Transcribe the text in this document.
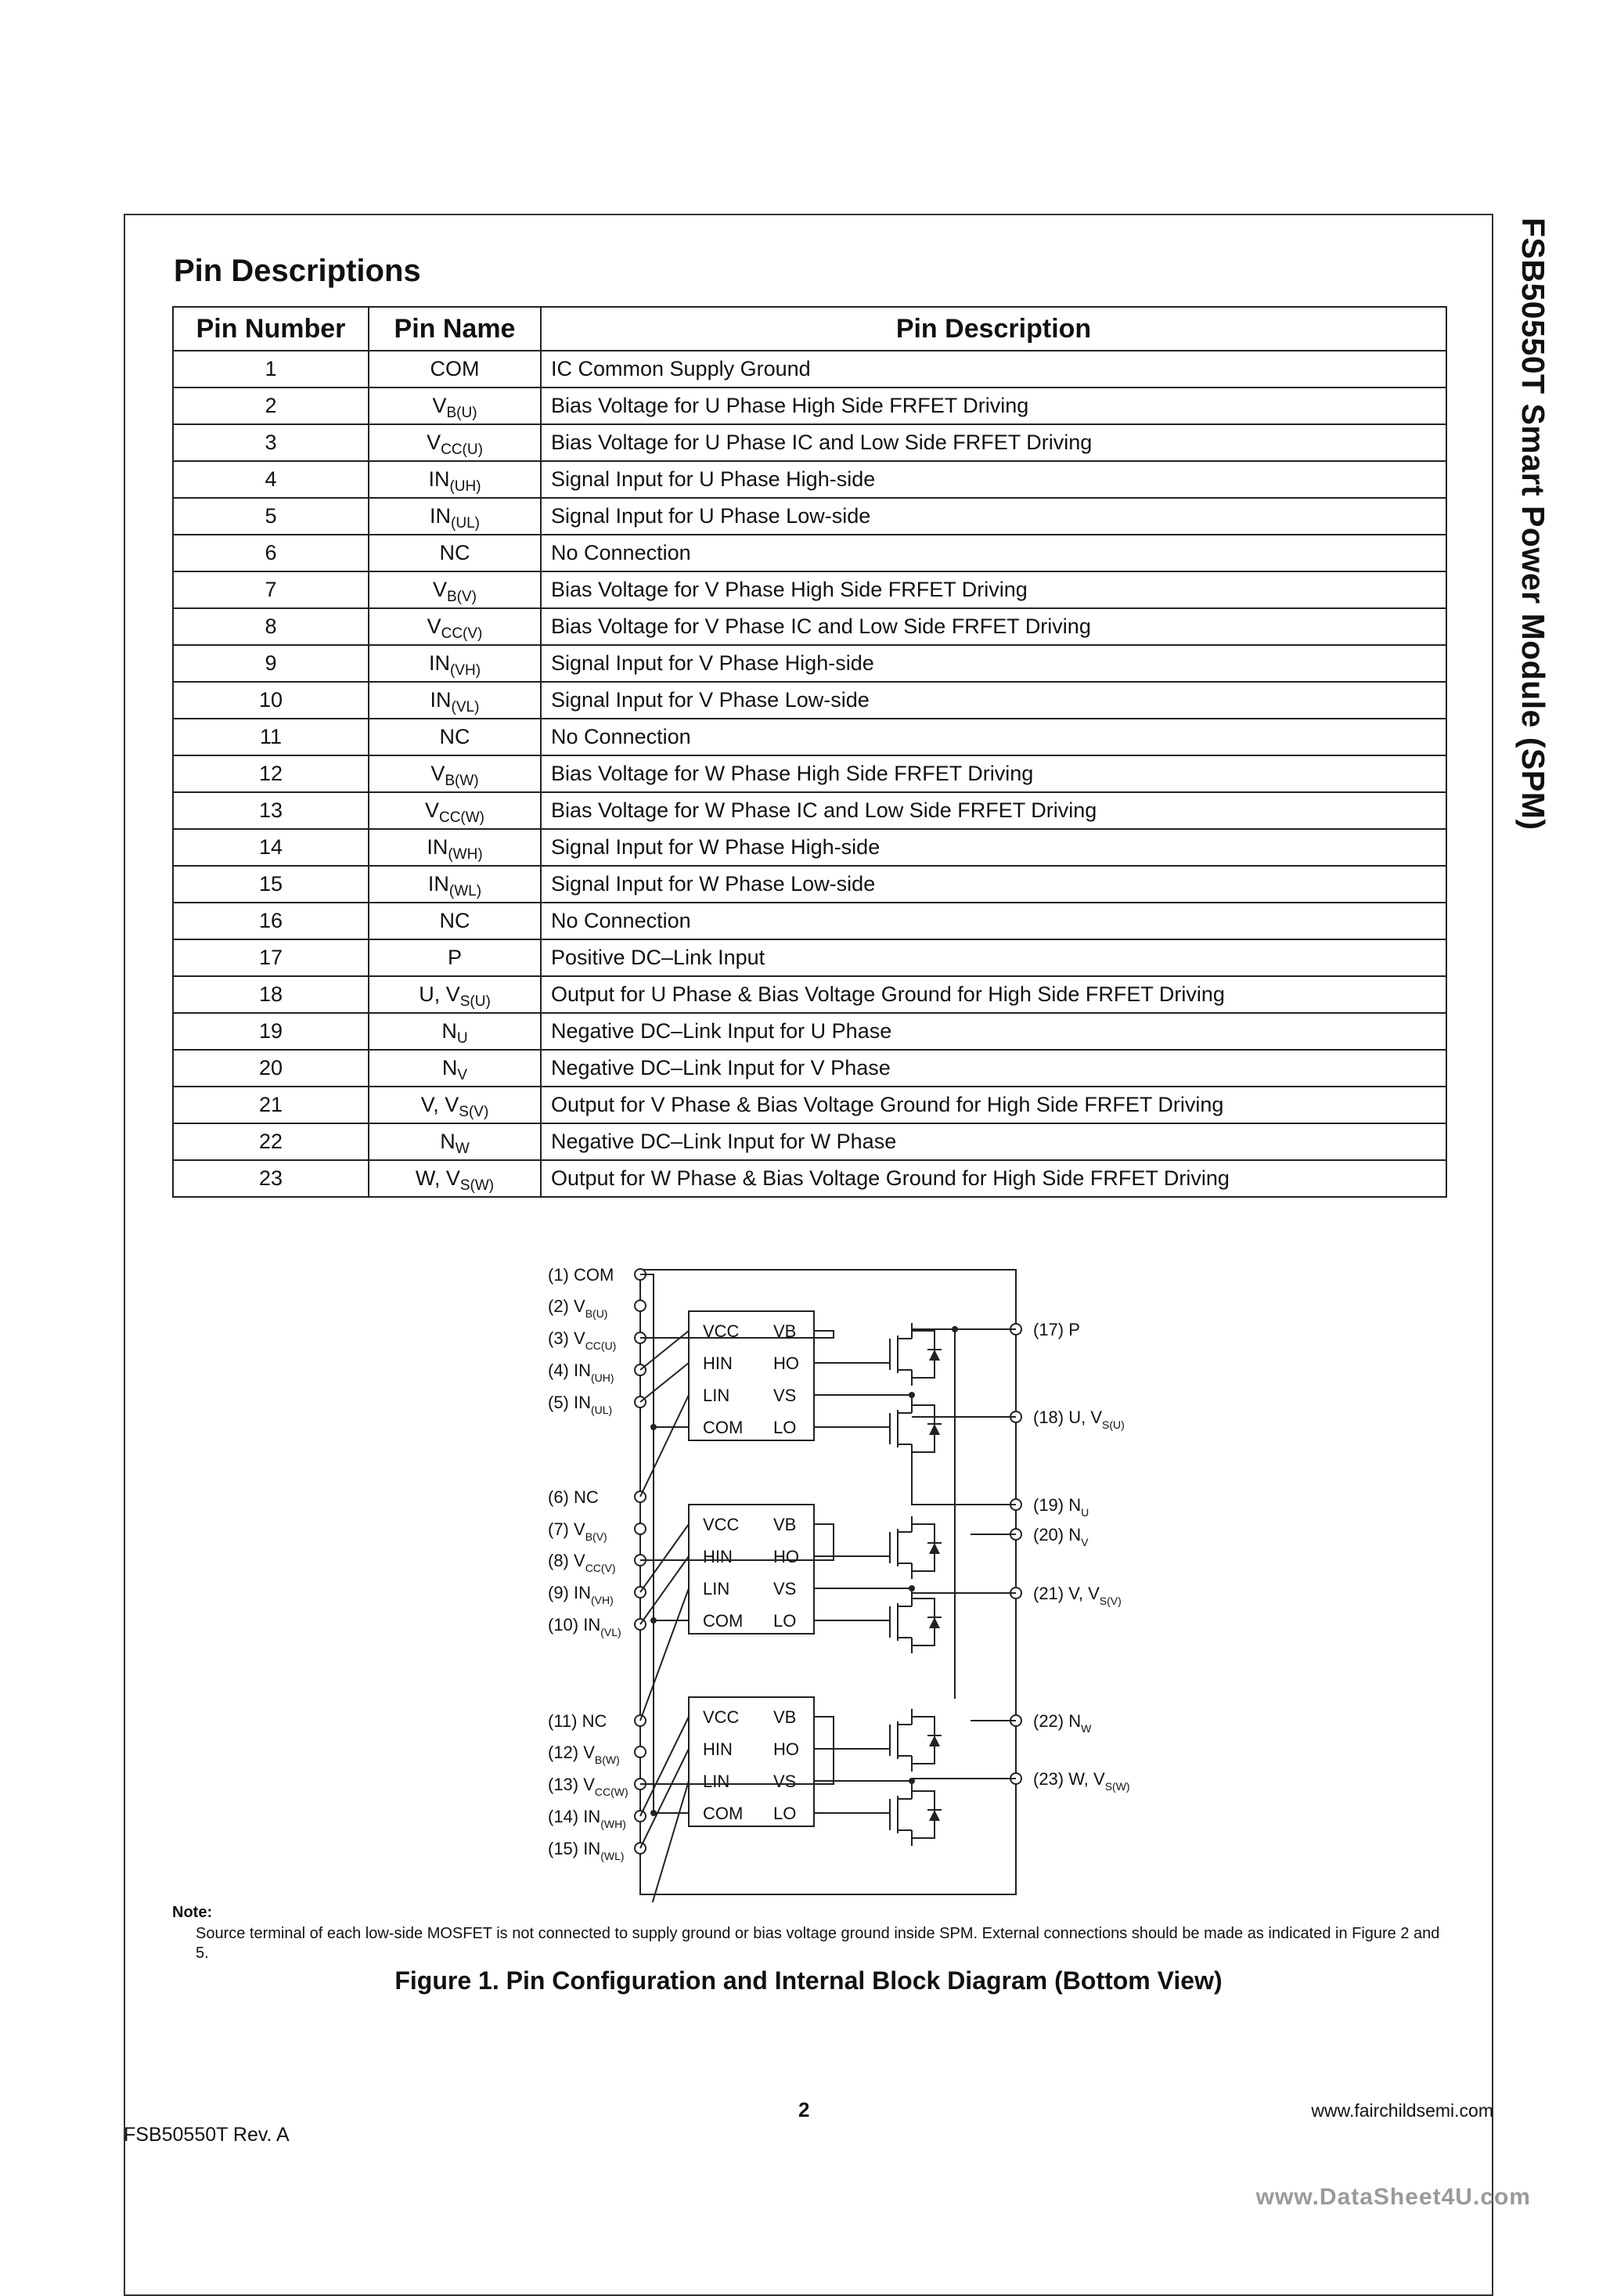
FSB50550T Smart Power Module (SPM)
Pin Descriptions
Pin Number	Pin Name	Pin Description
1	COM	IC Common Supply Ground
2	$V_{B(U)}$	Bias Voltage for U Phase High Side FRFET Driving
3	$V_{CC(U)}$	Bias Voltage for U Phase IC and Low Side FRFET Driving
4	$IN_{(UH)}$	Signal Input for U Phase High-side
5	$IN_{(UL)}$	Signal Input for U Phase Low-side
6	NC	No Connection
7	$V_{B(V)}$	Bias Voltage for V Phase High Side FRFET Driving
8	$V_{CC(V)}$	Bias Voltage for V Phase IC and Low Side FRFET Driving
9	$IN_{(VH)}$	Signal Input for V Phase High-side
10	$IN_{(VL)}$	Signal Input for V Phase Low-side
11	NC	No Connection
12	$V_{B(W)}$	Bias Voltage for W Phase High Side FRFET Driving
13	$V_{CC(W)}$	Bias Voltage for W Phase IC and Low Side FRFET Driving
14	$IN_{(WH)}$	Signal Input for W Phase High-side
15	$IN_{(WL)}$	Signal Input for W Phase Low-side
16	NC	No Connection
17	P	Positive DC–Link Input
18	U, $V_{S(U)}$	Output for U Phase & Bias Voltage Ground for High Side FRFET Driving
19	$N_U$	Negative DC–Link Input for U Phase
20	$N_V$	Negative DC–Link Input for V Phase
21	V, $V_{S(V)}$	Output for V Phase & Bias Voltage Ground for High Side FRFET Driving
22	$N_W$	Negative DC–Link Input for W Phase
23	W, $V_{S(W)}$	Output for W Phase & Bias Voltage Ground for High Side FRFET Driving
(1) COM
(2) $V_{B(U)}$
(3) $V_{CC(U)}$
(4) $IN_{(UH)}$
(5) $IN_{(UL)}$
(6) NC
(7) $V_{B(V)}$
(8) $V_{CC(V)}$
(9) $IN_{(VH)}$
(10) $IN_{(VL)}$
(11) NC
(12) $V_{B(W)}$
(13) $V_{CC(W)}$
(14) $IN_{(WH)}$
(15) $IN_{(WL)}$
(17) P
(18) U, $V_{S(U)}$
(19) $N_U$
(20) $N_V$
(21) V, $V_{S(V)}$
(22) $N_W$
(23) W, $V_{S(W)}$
VCC
HIN
LIN
COM
VB
HO
VS
LO
VCC
HIN
LIN
COM
VB
HO
VS
LO
VCC
HIN
LIN
COM
VB
HO
VS
LO
Note:
Source terminal of each low-side MOSFET is not connected to supply ground or bias voltage ground inside SPM. External connections should be made as indicated in Figure 2 and 5.
Figure 1. Pin Configuration and Internal Block Diagram (Bottom View)
2
FSB50550T Rev. A
www.fairchildsemi.com
www.DataSheet4U.com
